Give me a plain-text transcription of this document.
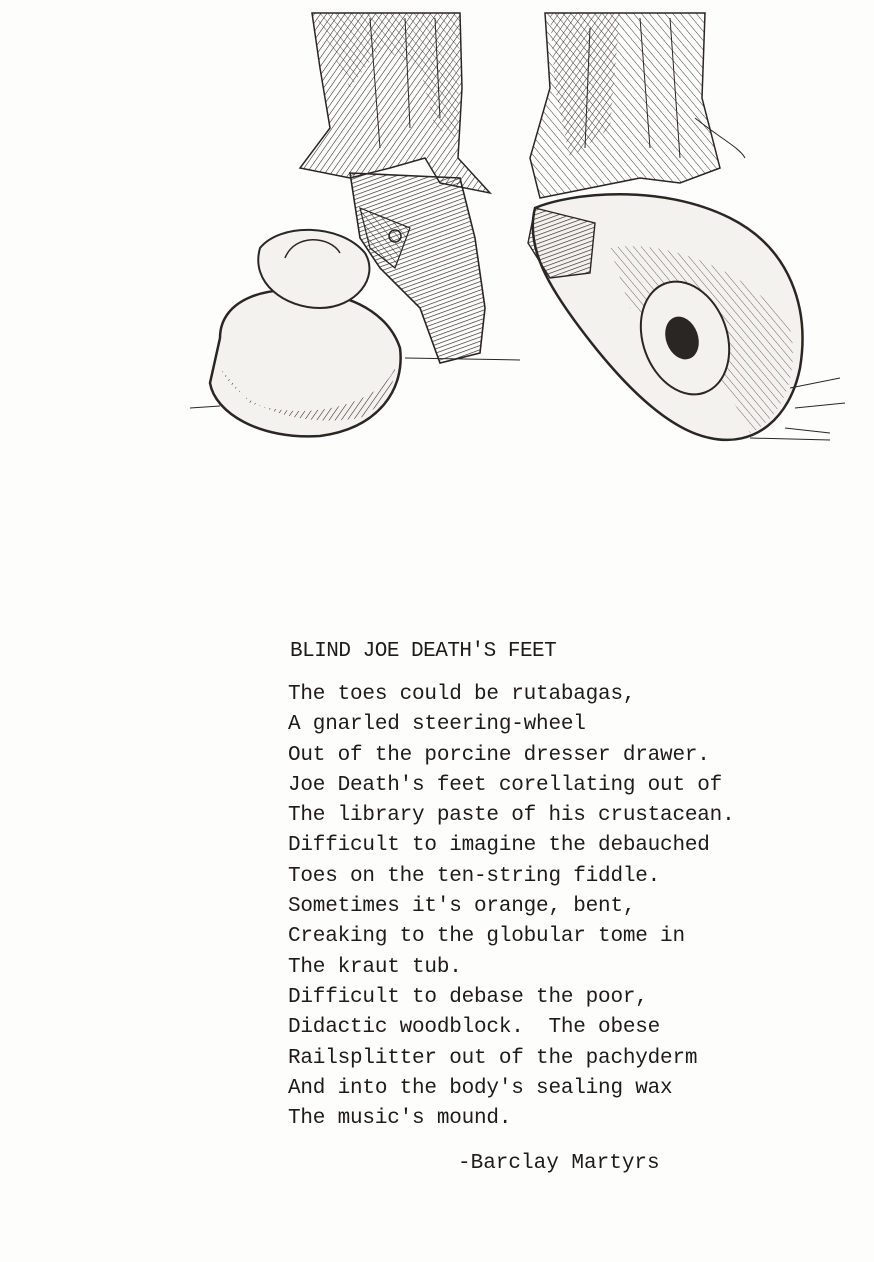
BLIND JOE DEATH'S FEET
The toes could be rutabagas,
A gnarled steering-wheel
Out of the porcine dresser drawer.
Joe Death's feet corellating out of
The library paste of his crustacean.
Difficult to imagine the debauched
Toes on the ten-string fiddle.
Sometimes it's orange, bent,
Creaking to the globular tome in
The kraut tub.
Difficult to debase the poor,
Didactic woodblock.  The obese
Railsplitter out of the pachyderm
And into the body's sealing wax
The music's mound.
-Barclay Martyrs
